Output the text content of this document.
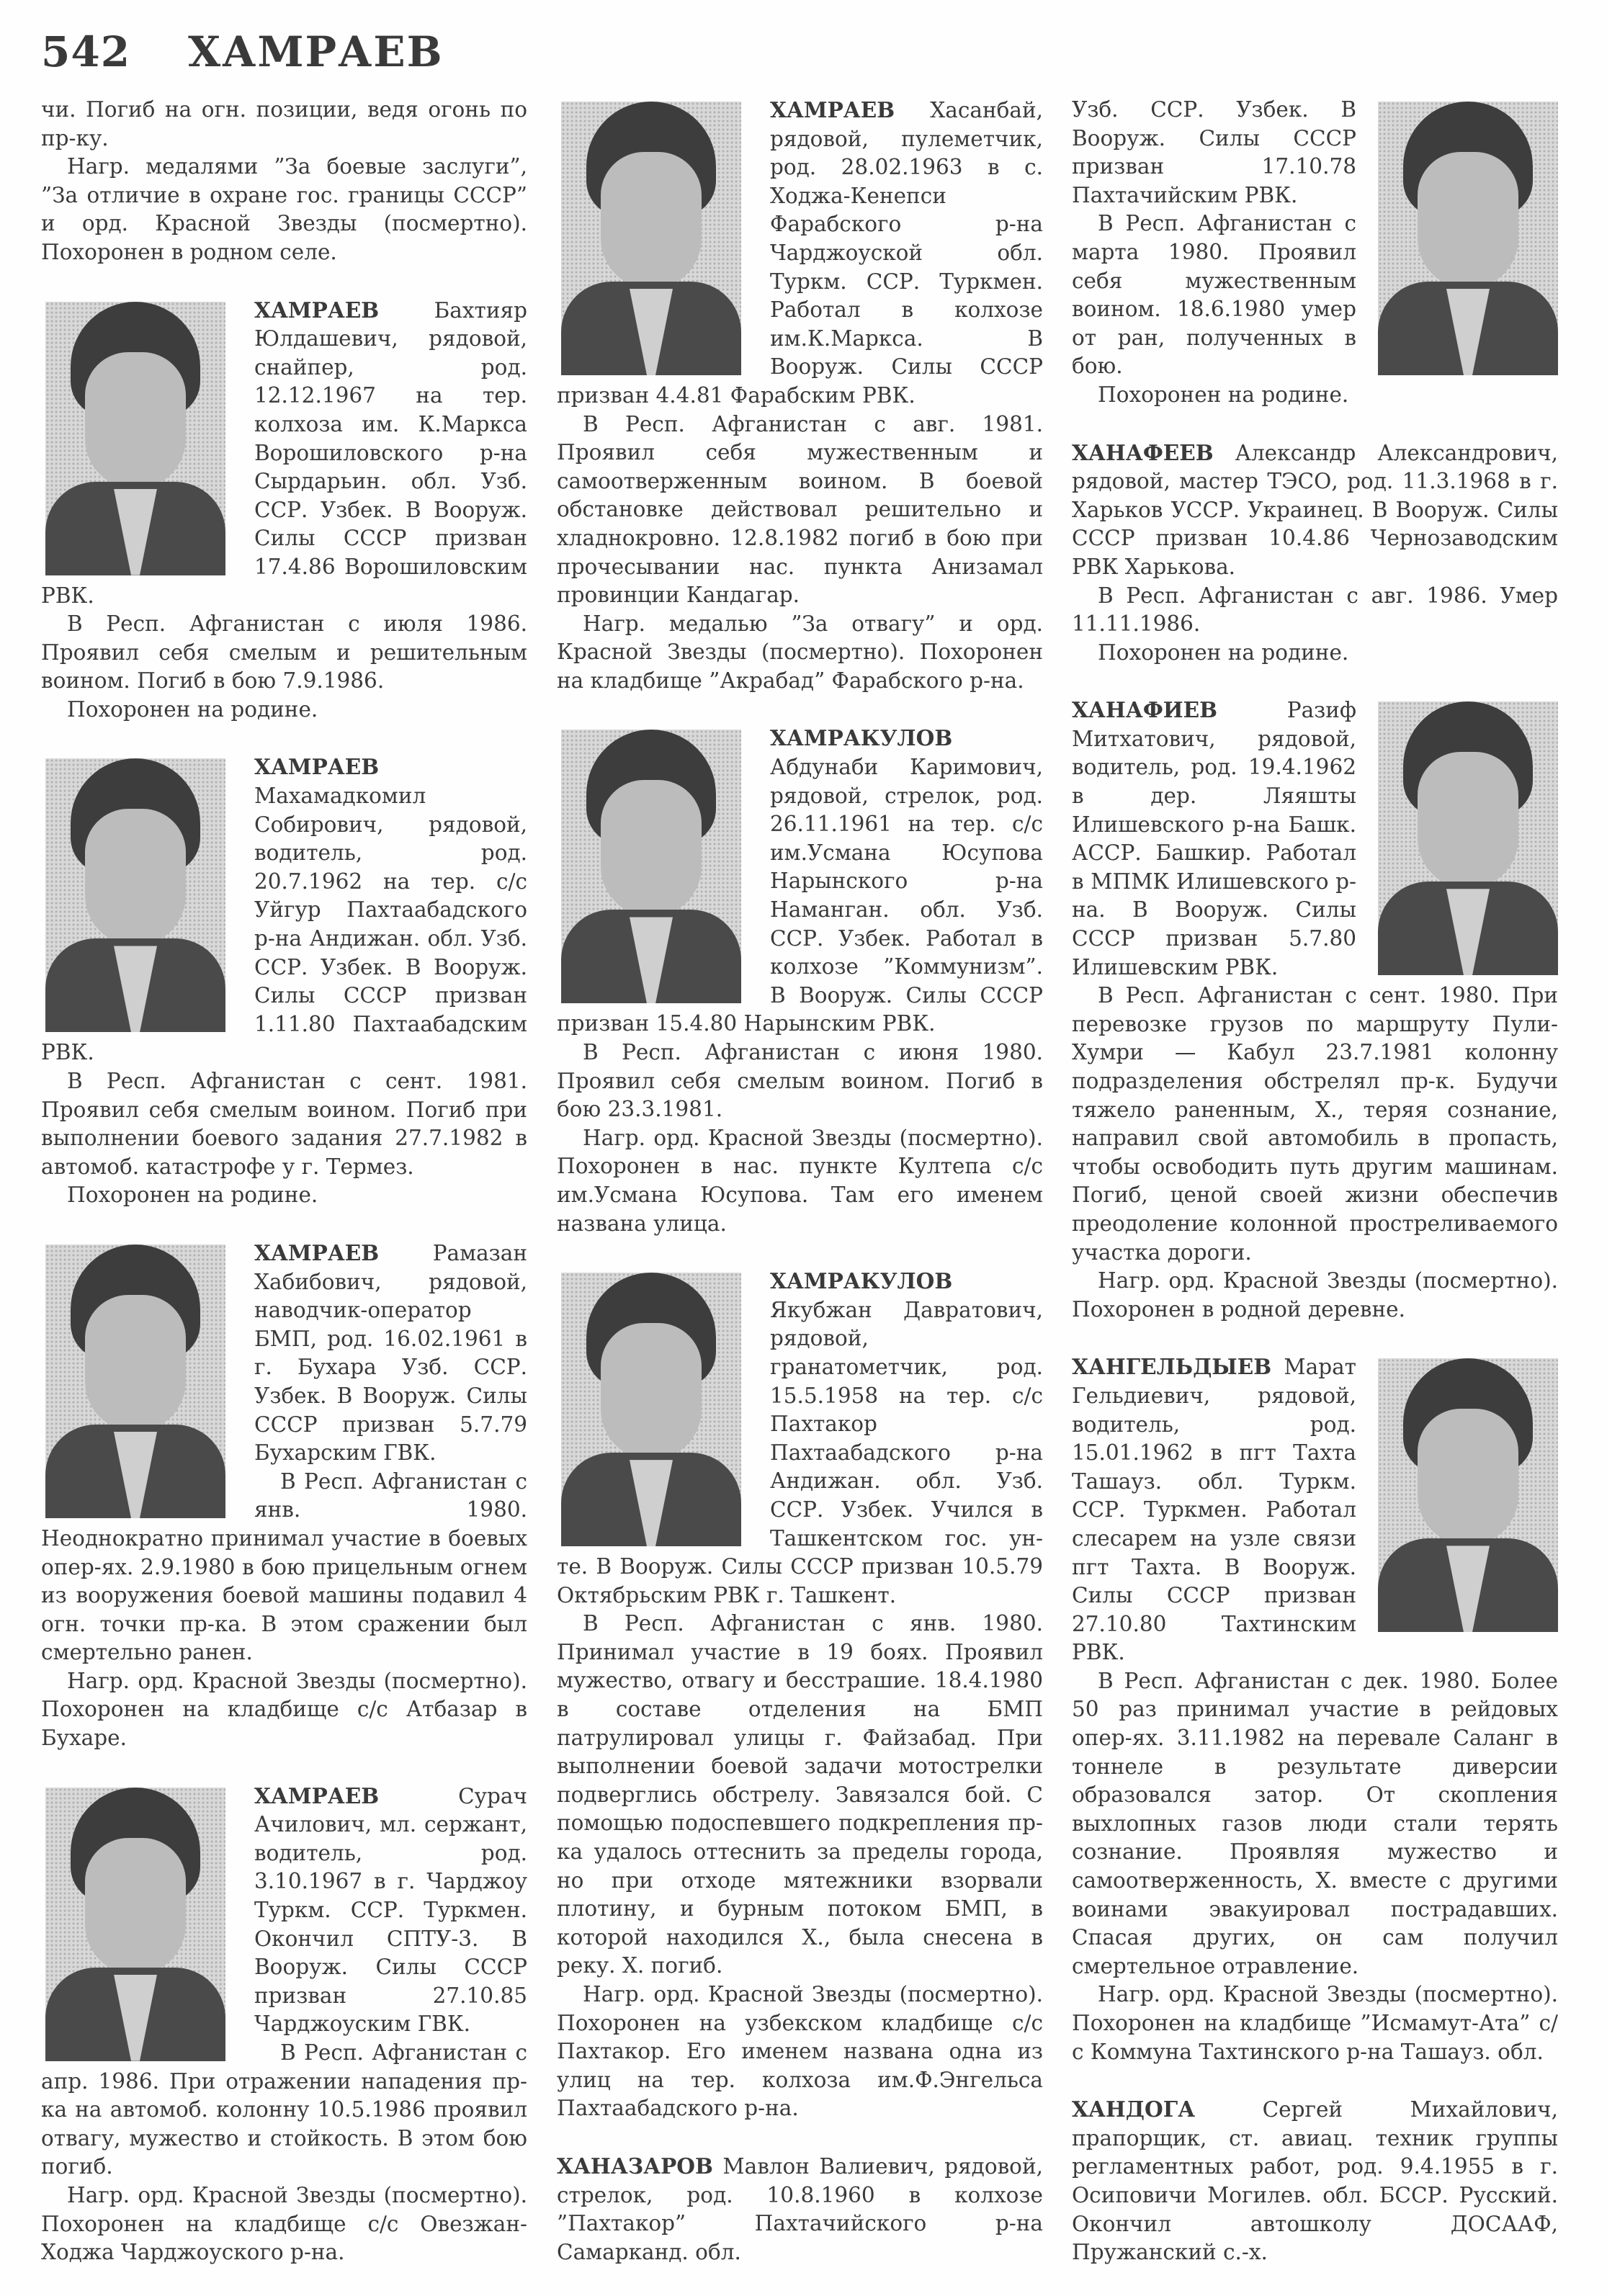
542 ХАМРАЕВ

чи. Погиб на огн. позиции, ведя огонь по пр-ку.

Нагр. медалями ”За боевые заслуги”, ”За отличие в охране гос. границы СССР” и орд. Красной Звезды (посмертно). Похоронен в родном селе.

ХАМРАЕВ Бахтияр Юлдашевич, рядовой, снайпер, род. 12.12.1967 на тер. колхоза им. К.Маркса Ворошиловского р-на Сырдарьин. обл. Узб. ССР. Узбек. В Вооруж. Силы СССР призван 17.4.86 Ворошиловским РВК.

В Респ. Афганистан с июля 1986. Проявил себя смелым и решительным воином. Погиб в бою 7.9.1986.

Похоронен на родине.

ХАМРАЕВ Махамадкомил Собирович, рядовой, водитель, род. 20.7.1962 на тер. с/с Уйгур Пахтаабадского р-на Андижан. обл. Узб. ССР. Узбек. В Вооруж. Силы СССР призван 1.11.80 Пахтаабадским РВК.

В Респ. Афганистан с сент. 1981. Проявил себя смелым воином. Погиб при выполнении боевого задания 27.7.1982 в автомоб. катастрофе у г. Термез.

Похоронен на родине.

ХАМРАЕВ Рамазан Хабибович, рядовой, наводчик-оператор БМП, род. 16.02.1961 в г. Бухара Узб. ССР. Узбек. В Вооруж. Силы СССР призван 5.7.79 Бухарским ГВК.

В Респ. Афганистан с янв. 1980. Неоднократно принимал участие в боевых опер-ях. 2.9.1980 в бою прицельным огнем из вооружения боевой машины подавил 4 огн. точки пр-ка. В этом сражении был смертельно ранен.

Нагр. орд. Красной Звезды (посмертно). Похоронен на кладбище с/с Атбазар в Бухаре.

ХАМРАЕВ Сурач Ачилович, мл. сержант, водитель, род. 3.10.1967 в г. Чарджоу Туркм. ССР. Туркмен. Окончил СПТУ-3. В Вооруж. Силы СССР призван 27.10.85 Чарджоуским ГВК.

В Респ. Афганистан с апр. 1986. При отражении нападения пр-ка на автомоб. колонну 10.5.1986 проявил отвагу, мужество и стойкость. В этом бою погиб.

Нагр. орд. Красной Звезды (посмертно). Похоронен на кладбище с/с Овезжан-Ходжа Чарджоуского р-на.

ХАМРАЕВ Хасанбай, рядовой, пулеметчик, род. 28.02.1963 в с. Ходжа-Кенепси Фарабского р-на Чарджоуской обл. Туркм. ССР. Туркмен. Работал в колхозе им.К.Маркса. В Вооруж. Силы СССР призван 4.4.81 Фарабским РВК.

В Респ. Афганистан с авг. 1981. Проявил себя мужественным и самоотверженным воином. В боевой обстановке действовал решительно и хладнокровно. 12.8.1982 погиб в бою при прочесывании нас. пункта Анизамал провинции Кандагар.

Нагр. медалью ”За отвагу” и орд. Красной Звезды (посмертно). Похоронен на кладбище ”Акрабад” Фарабского р-на.

ХАМРАКУЛОВ Абдунаби Каримович, рядовой, стрелок, род. 26.11.1961 на тер. с/с им.Усмана Юсупова Нарынского р-на Наманган. обл. Узб. ССР. Узбек. Работал в колхозе ”Коммунизм”. В Вооруж. Силы СССР призван 15.4.80 Нарынским РВК.

В Респ. Афганистан с июня 1980. Проявил себя смелым воином. Погиб в бою 23.3.1981.

Нагр. орд. Красной Звезды (посмертно). Похоронен в нас. пункте Култепа с/с им.Усмана Юсупова. Там его именем названа улица.

ХАМРАКУЛОВ Якубжан Давратович, рядовой, гранатометчик, род. 15.5.1958 на тер. с/с Пахтакор Пахтаабадского р-на Андижан. обл. Узб. ССР. Узбек. Учился в Ташкентском гос. ун-те. В Вооруж. Силы СССР призван 10.5.79 Октябрьским РВК г. Ташкент.

В Респ. Афганистан с янв. 1980. Принимал участие в 19 боях. Проявил мужество, отвагу и бесстрашие. 18.4.1980 в составе отделения на БМП патрулировал улицы г. Файзабад. При выполнении боевой задачи мотострелки подверглись обстрелу. Завязался бой. С помощью подоспевшего подкрепления пр-ка удалось оттеснить за пределы города, но при отходе мятежники взорвали плотину, и бурным потоком БМП, в которой находился Х., была снесена в реку. Х. погиб.

Нагр. орд. Красной Звезды (посмертно). Похоронен на узбекском кладбище с/с Пахтакор. Его именем названа одна из улиц на тер. колхоза им.Ф.Энгельса Пахтаабадского р-на.

ХАНАЗАРОВ Мавлон Валиевич, рядовой, стрелок, род. 10.8.1960 в колхозе ”Пахтакор” Пахтачийского р-на Самарканд. обл.

Узб. ССР. Узбек. В Вооруж. Силы СССР призван 17.10.78 Пахтачийским РВК.

В Респ. Афганистан с марта 1980. Проявил себя мужественным воином. 18.6.1980 умер от ран, полученных в бою.

Похоронен на родине.

ХАНАФЕЕВ Александр Александрович, рядовой, мастер ТЭСО, род. 11.3.1968 в г. Харьков УССР. Украинец. В Вооруж. Силы СССР призван 10.4.86 Чернозаводским РВК Харькова.

В Респ. Афганистан с авг. 1986. Умер 11.11.1986.

Похоронен на родине.

ХАНАФИЕВ Разиф Митхатович, рядовой, водитель, род. 19.4.1962 в дер. Ляяшты Илишевского р-на Башк. АССР. Башкир. Работал в МПМК Илишевского р-на. В Вооруж. Силы СССР призван 5.7.80 Илишевским РВК.

В Респ. Афганистан с сент. 1980. При перевозке грузов по маршруту Пули-Хумри — Кабул 23.7.1981 колонну подразделения обстрелял пр-к. Будучи тяжело раненным, Х., теряя сознание, направил свой автомобиль в пропасть, чтобы освободить путь другим машинам. Погиб, ценой своей жизни обеспечив преодоление колонной простреливаемого участка дороги.

Нагр. орд. Красной Звезды (посмертно). Похоронен в родной деревне.

ХАНГЕЛЬДЫЕВ Марат Гельдиевич, рядовой, водитель, род. 15.01.1962 в пгт Тахта Ташауз. обл. Туркм. ССР. Туркмен. Работал слесарем на узле связи пгт Тахта. В Вооруж. Силы СССР призван 27.10.80 Тахтинским РВК.

В Респ. Афганистан с дек. 1980. Более 50 раз принимал участие в рейдовых опер-ях. 3.11.1982 на перевале Саланг в тоннеле в результате диверсии образовался затор. От скопления выхлопных газов люди стали терять сознание. Проявляя мужество и самоотверженность, Х. вместе с другими воинами эвакуировал пострадавших. Спасая других, он сам получил смертельное отравление.

Нагр. орд. Красной Звезды (посмертно). Похоронен на кладбище ”Исмамут-Ата” с/с Коммуна Тахтинского р-на Ташауз. обл.

ХАНДОГА Сергей Михайлович, прапорщик, ст. авиац. техник группы регламентных работ, род. 9.4.1955 в г. Осиповичи Могилев. обл. БССР. Русский. Окончил автошколу ДОСААФ, Пружанский с.-х.
